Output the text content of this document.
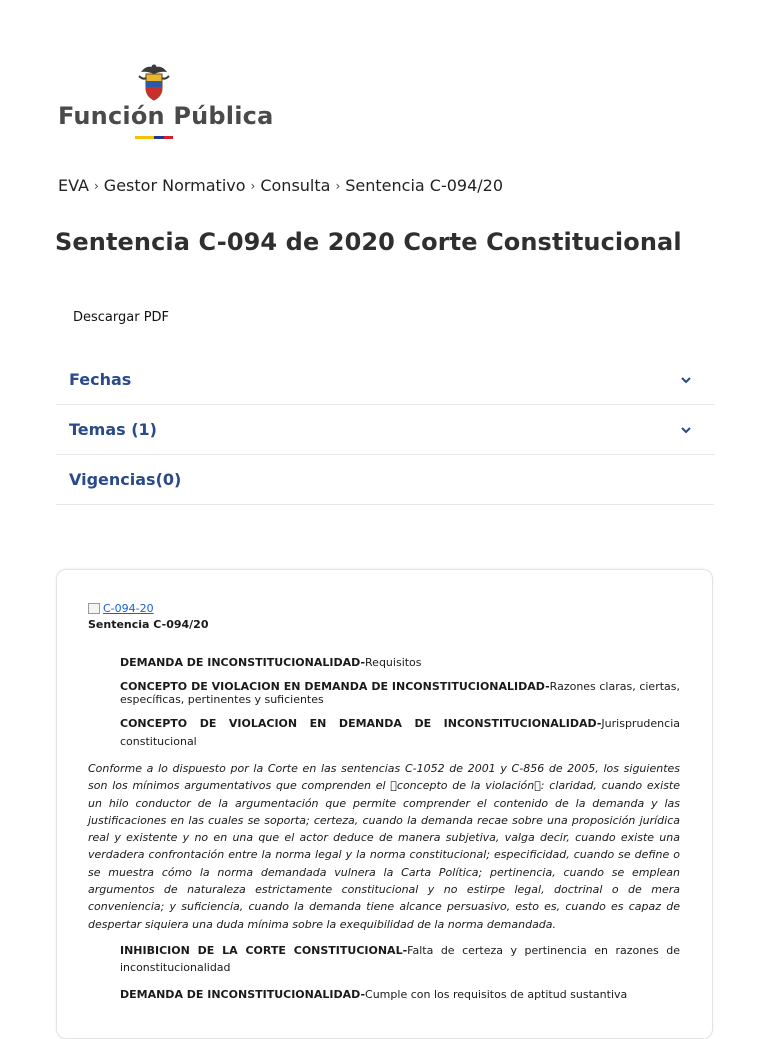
Función Pública
EVA › Gestor Normativo › Consulta › Sentencia C-094/20
Sentencia C-094 de 2020 Corte Constitucional
Descargar PDF
Fechas
Temas (1)
Vigencias(0)
C-094-20
Sentencia C-094/20
DEMANDA DE INCONSTITUCIONALIDAD-Requisitos
CONCEPTO DE VIOLACION EN DEMANDA DE INCONSTITUCIONALIDAD-Razones claras, ciertas, específicas, pertinentes y suficientes
CONCEPTO DE VIOLACION EN DEMANDA DE INCONSTITUCIONALIDAD-Jurisprudencia constitucional
Conforme a lo dispuesto por la Corte en las sentencias C-1052 de 2001 y C-856 de 2005, los siguientes son los mínimos argumentativos que comprenden el  concepto de la violación : claridad, cuando existe un hilo conductor de la argumentación que permite comprender el contenido de la demanda y las justificaciones en las cuales se soporta; certeza, cuando la demanda recae sobre una proposición jurídica real y existente y no en una que el actor deduce de manera subjetiva, valga decir, cuando existe una verdadera confrontación entre la norma legal y la norma constitucional; especificidad, cuando se define o se muestra cómo la norma demandada vulnera la Carta Política; pertinencia, cuando se emplean argumentos de naturaleza estrictamente constitucional y no estirpe legal, doctrinal o de mera conveniencia; y suficiencia, cuando la demanda tiene alcance persuasivo, esto es, cuando es capaz de despertar siquiera una duda mínima sobre la exequibilidad de la norma demandada.
INHIBICION DE LA CORTE CONSTITUCIONAL-Falta de certeza y pertinencia en razones de inconstitucionalidad
DEMANDA DE INCONSTITUCIONALIDAD-Cumple con los requisitos de aptitud sustantiva
